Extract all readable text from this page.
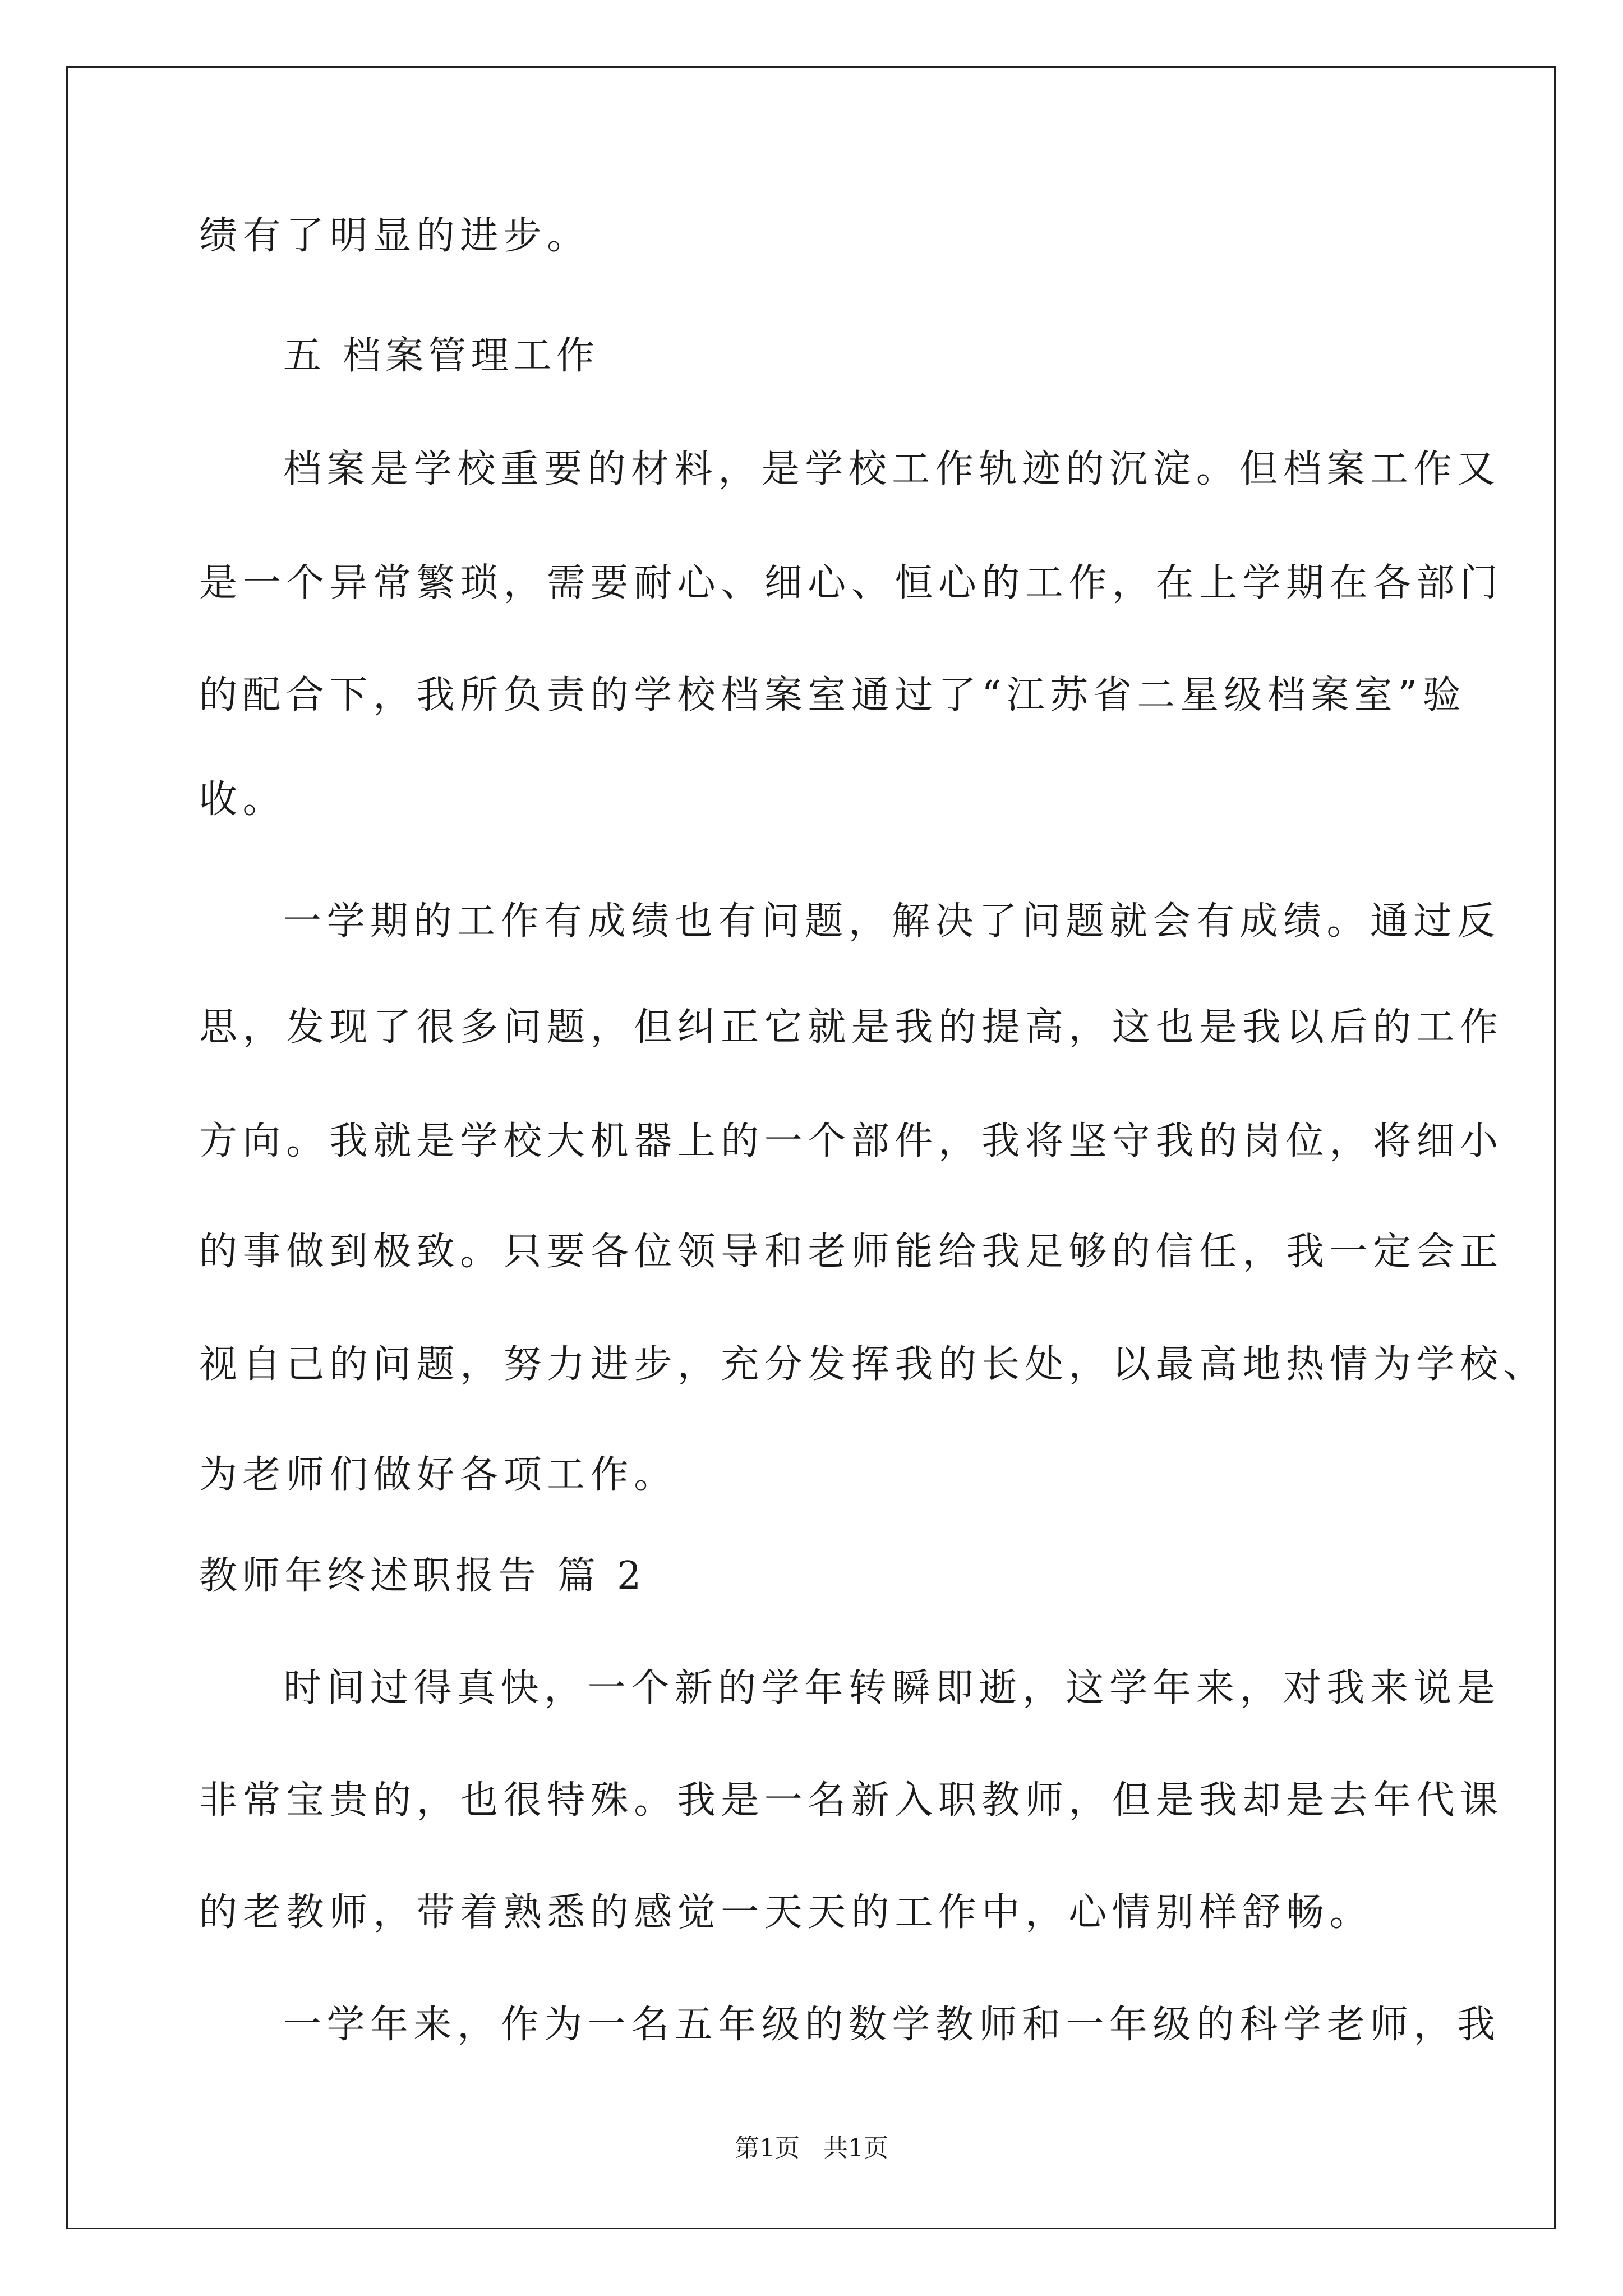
绩有了明显的进步。
五 档案管理工作
档案是学校重要的材料，是学校工作轨迹的沉淀。但档案工作又
是一个异常繁琐，需要耐心、细心、恒心的工作，在上学期在各部门
的配合下，我所负责的学校档案室通过了“江苏省二星级档案室”验
收。
一学期的工作有成绩也有问题，解决了问题就会有成绩。通过反
思，发现了很多问题，但纠正它就是我的提高，这也是我以后的工作
方向。我就是学校大机器上的一个部件，我将坚守我的岗位，将细小
的事做到极致。只要各位领导和老师能给我足够的信任，我一定会正
视自己的问题，努力进步，充分发挥我的长处，以最高地热情为学校、
为老师们做好各项工作。
教师年终述职报告 篇 2
时间过得真快，一个新的学年转瞬即逝，这学年来，对我来说是
非常宝贵的，也很特殊。我是一名新入职教师，但是我却是去年代课
的老教师，带着熟悉的感觉一天天的工作中，心情别样舒畅。
一学年来，作为一名五年级的数学教师和一年级的科学老师，我
第1页   共1页
